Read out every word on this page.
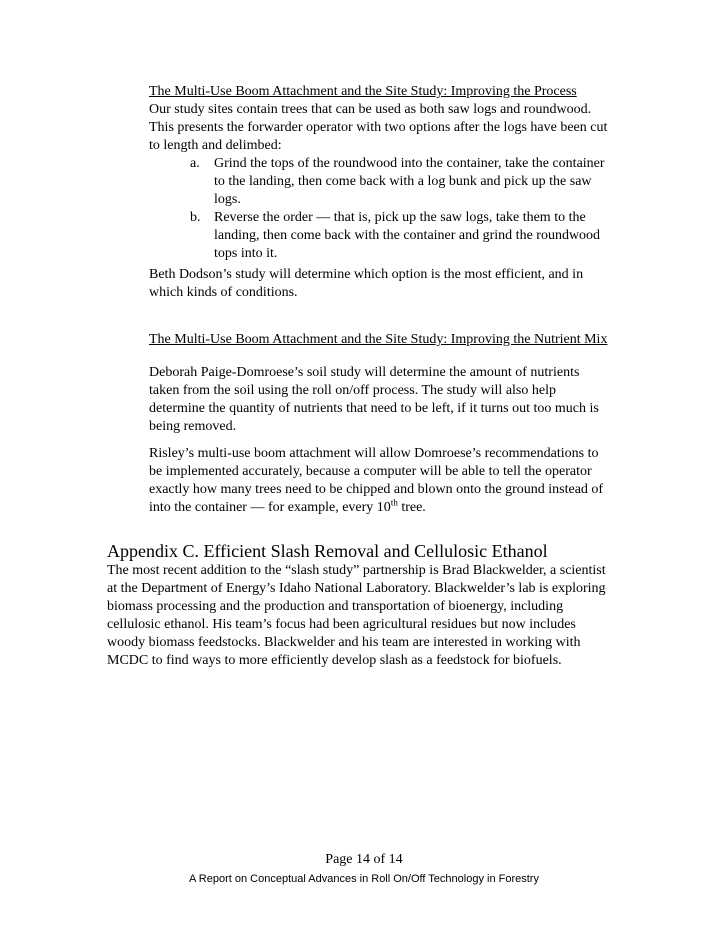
The Multi-Use Boom Attachment and the Site Study: Improving the Process
Our study sites contain trees that can be used as both saw logs and roundwood.
This presents the forwarder operator with two options after the logs have been cut
to length and delimbed:
a. Grind the tops of the roundwood into the container, take the container
to the landing, then come back with a log bunk and pick up the saw
logs.
b. Reverse the order — that is, pick up the saw logs, take them to the
landing, then come back with the container and grind the roundwood
tops into it.
Beth Dodson’s study will determine which option is the most efficient, and in
which kinds of conditions.
The Multi-Use Boom Attachment and the Site Study: Improving the Nutrient Mix
Deborah Paige-Domroese’s soil study will determine the amount of nutrients
taken from the soil using the roll on/off process. The study will also help
determine the quantity of nutrients that need to be left, if it turns out too much is
being removed.
Risley’s multi-use boom attachment will allow Domroese’s recommendations to
be implemented accurately, because a computer will be able to tell the operator
exactly how many trees need to be chipped and blown onto the ground instead of
into the container — for example, every 10th tree.
Appendix C. Efficient Slash Removal and Cellulosic Ethanol
The most recent addition to the “slash study” partnership is Brad Blackwelder, a scientist
at the Department of Energy’s Idaho National Laboratory. Blackwelder’s lab is exploring
biomass processing and the production and transportation of bioenergy, including
cellulosic ethanol. His team’s focus had been agricultural residues but now includes
woody biomass feedstocks. Blackwelder and his team are interested in working with
MCDC to find ways to more efficiently develop slash as a feedstock for biofuels.
Page 14 of 14
A Report on Conceptual Advances in Roll On/Off Technology in Forestry
